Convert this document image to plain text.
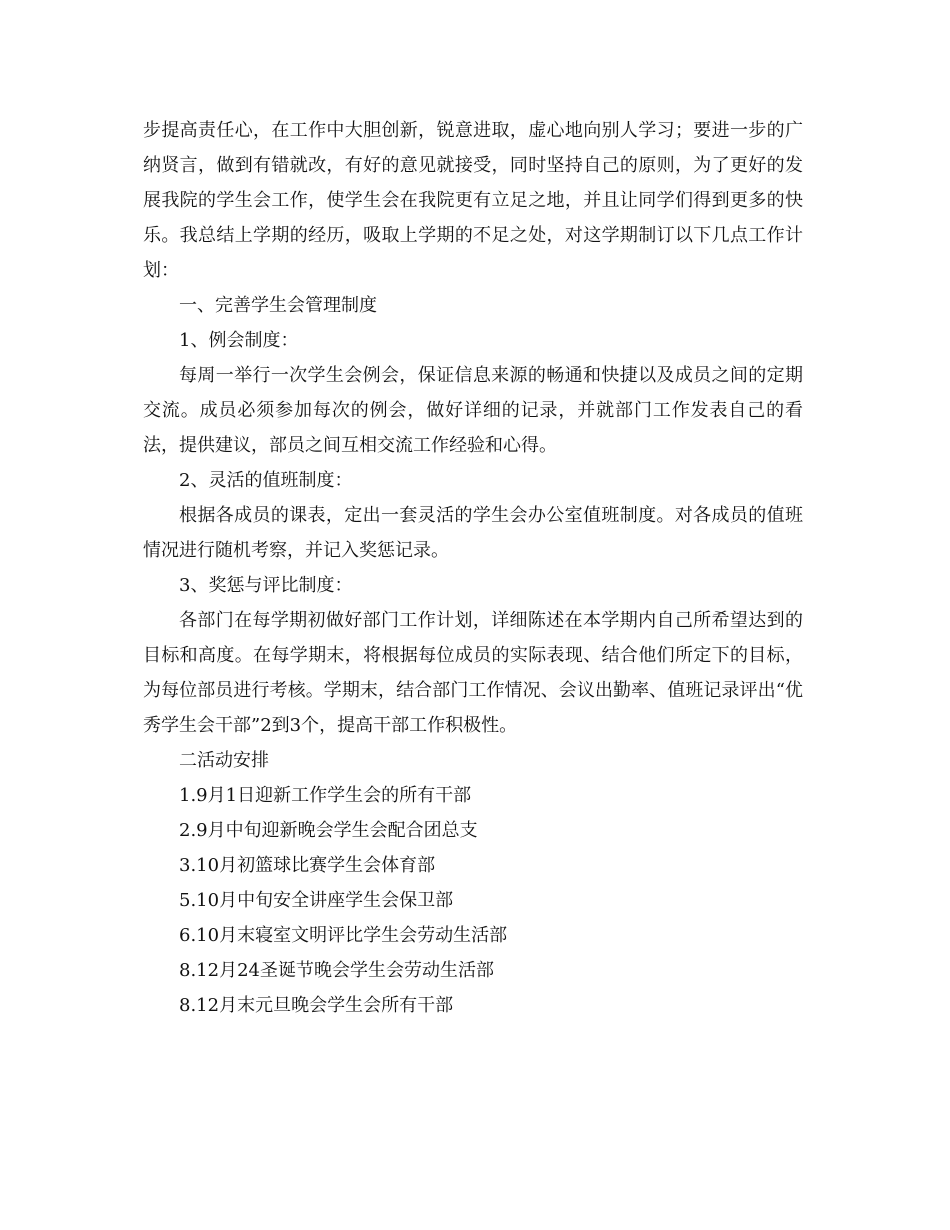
步提高责任心，在工作中大胆创新，锐意进取，虚心地向别人学习；要进一步的广纳贤言，做到有错就改，有好的意见就接受，同时坚持自己的原则，为了更好的发展我院的学生会工作，使学生会在我院更有立足之地，并且让同学们得到更多的快乐。我总结上学期的经历，吸取上学期的不足之处，对这学期制订以下几点工作计划：

一、完善学生会管理制度

1、例会制度：

每周一举行一次学生会例会，保证信息来源的畅通和快捷以及成员之间的定期交流。成员必须参加每次的例会，做好详细的记录，并就部门工作发表自己的看法，提供建议，部员之间互相交流工作经验和心得。

2、灵活的值班制度：

根据各成员的课表，定出一套灵活的学生会办公室值班制度。对各成员的值班情况进行随机考察，并记入奖惩记录。

3、奖惩与评比制度：

各部门在每学期初做好部门工作计划，详细陈述在本学期内自己所希望达到的目标和高度。在每学期末，将根据每位成员的实际表现、结合他们所定下的目标，为每位部员进行考核。学期末，结合部门工作情况、会议出勤率、值班记录评出“优秀学生会干部”2到3个，提高干部工作积极性。

二活动安排

1.9月1日迎新工作学生会的所有干部

2.9月中旬迎新晚会学生会配合团总支

3.10月初篮球比赛学生会体育部

5.10月中旬安全讲座学生会保卫部

6.10月末寝室文明评比学生会劳动生活部

8.12月24圣诞节晚会学生会劳动生活部

8.12月末元旦晚会学生会所有干部
